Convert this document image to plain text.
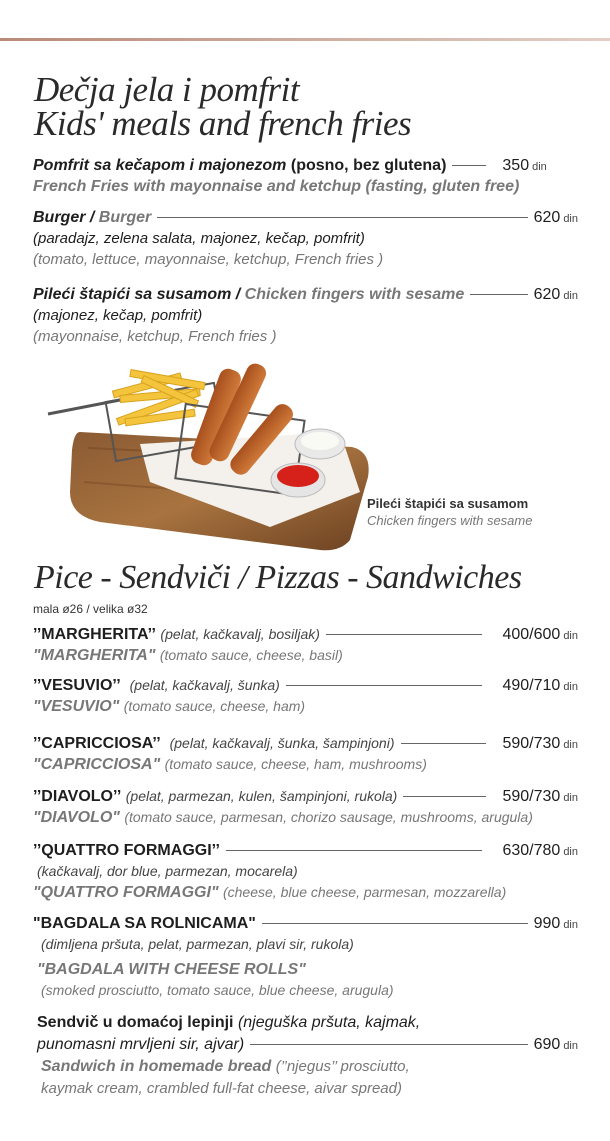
Dečja jela i pomfrit
Kids' meals and french fries
Pomfrit sa kečapom i majonezom
(posno, bez glutena)	350 din
French Fries with mayonnaise and ketchup (fasting, gluten free)
Burger /
Burger	620 din
(paradajz, zelena salata, majonez, kečap, pomfrit)
(tomato, lettuce, mayonnaise, ketchup, French fries )
Pileći štapići sa susamom /
Chicken fingers with sesame	620 din
(majonez, kečap, pomfrit)
(mayonnaise, ketchup, French fries )
Pileći štapići sa susamom
Chicken fingers with sesame
Pice - Sendviči / Pizzas - Sandwiches
mala ø26 / velika ø32
’’MARGHERITA’’
(pelat, kačkavalj, bosiljak)	400/600 din
"MARGHERITA"
(tomato sauce, cheese, basil)
’’VESUVIO’’
(pelat, kačkavalj, šunka)	490/710 din
"VESUVIO"
(tomato sauce, cheese, ham)
’’CAPRICCIOSA’’
(pelat, kačkavalj, šunka, šampinjoni)	590/730 din
"CAPRICCIOSA"
(tomato sauce, cheese, ham, mushrooms)
’’DIAVOLO’’
(pelat, parmezan, kulen, šampinjoni, rukola)	590/730 din
"DIAVOLO"
(tomato sauce, parmesan, chorizo sausage, mushrooms, arugula)
’’QUATTRO FORMAGGI’’	630/780 din
(kačkavalj, dor blue, parmezan, mocarela)
"QUATTRO FORMAGGI"
(cheese, blue cheese, parmesan, mozzarella)
"BAGDALA SA ROLNICAMA"	990 din
(dimljena pršuta, pelat, parmezan, plavi sir, rukola)
"BAGDALA WITH CHEESE ROLLS"
(smoked prosciutto, tomato sauce, blue cheese, arugula)
Sendvič u domaćoj lepinji
(njeguška pršuta, kajmak,
punomasni mrvljeni sir, ajvar)	690 din
Sandwich in homemade bread
(’’njegus’’ prosciutto,
kaymak cream, crambled full-fat cheese, aivar spread)
